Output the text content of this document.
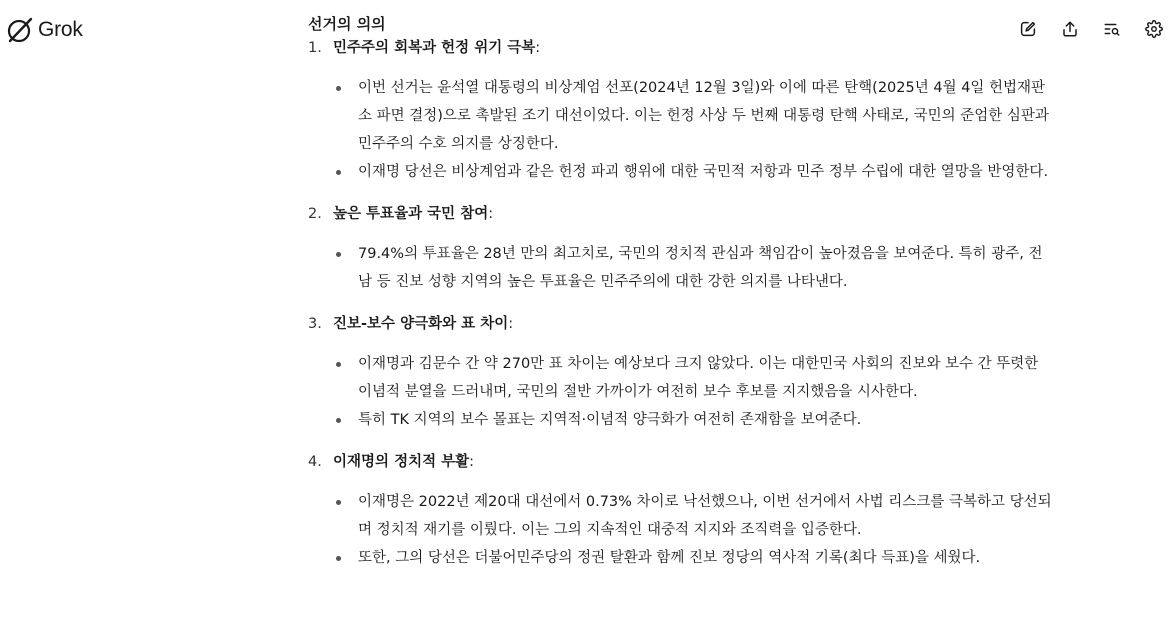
Grok	선거의 의의
1. 민주주의 회복과 헌정 위기 극복:
이번 선거는 윤석열 대통령의 비상계엄 선포(2024년 12월 3일)와 이에 따른 탄핵(2025년 4월 4일 헌법재판소 파면 결정)으로 촉발된 조기 대선이었다. 이는 헌정 사상 두 번째 대통령 탄핵 사태로, 국민의 준엄한 심판과 민주주의 수호 의지를 상징한다.
이재명 당선은 비상계엄과 같은 헌정 파괴 행위에 대한 국민적 저항과 민주 정부 수립에 대한 열망을 반영한다.
2. 높은 투표율과 국민 참여:
79.4%의 투표율은 28년 만의 최고치로, 국민의 정치적 관심과 책임감이 높아졌음을 보여준다. 특히 광주, 전남 등 진보 성향 지역의 높은 투표율은 민주주의에 대한 강한 의지를 나타낸다.
3. 진보-보수 양극화와 표 차이:
이재명과 김문수 간 약 270만 표 차이는 예상보다 크지 않았다. 이는 대한민국 사회의 진보와 보수 간 뚜렷한 이념적 분열을 드러내며, 국민의 절반 가까이가 여전히 보수 후보를 지지했음을 시사한다.
특히 TK 지역의 보수 몰표는 지역적·이념적 양극화가 여전히 존재함을 보여준다.
4. 이재명의 정치적 부활:
이재명은 2022년 제20대 대선에서 0.73% 차이로 낙선했으나, 이번 선거에서 사법 리스크를 극복하고 당선되며 정치적 재기를 이뤘다. 이는 그의 지속적인 대중적 지지와 조직력을 입증한다.
또한, 그의 당선은 더불어민주당의 정권 탈환과 함께 진보 정당의 역사적 기록(최다 득표)을 세웠다.
